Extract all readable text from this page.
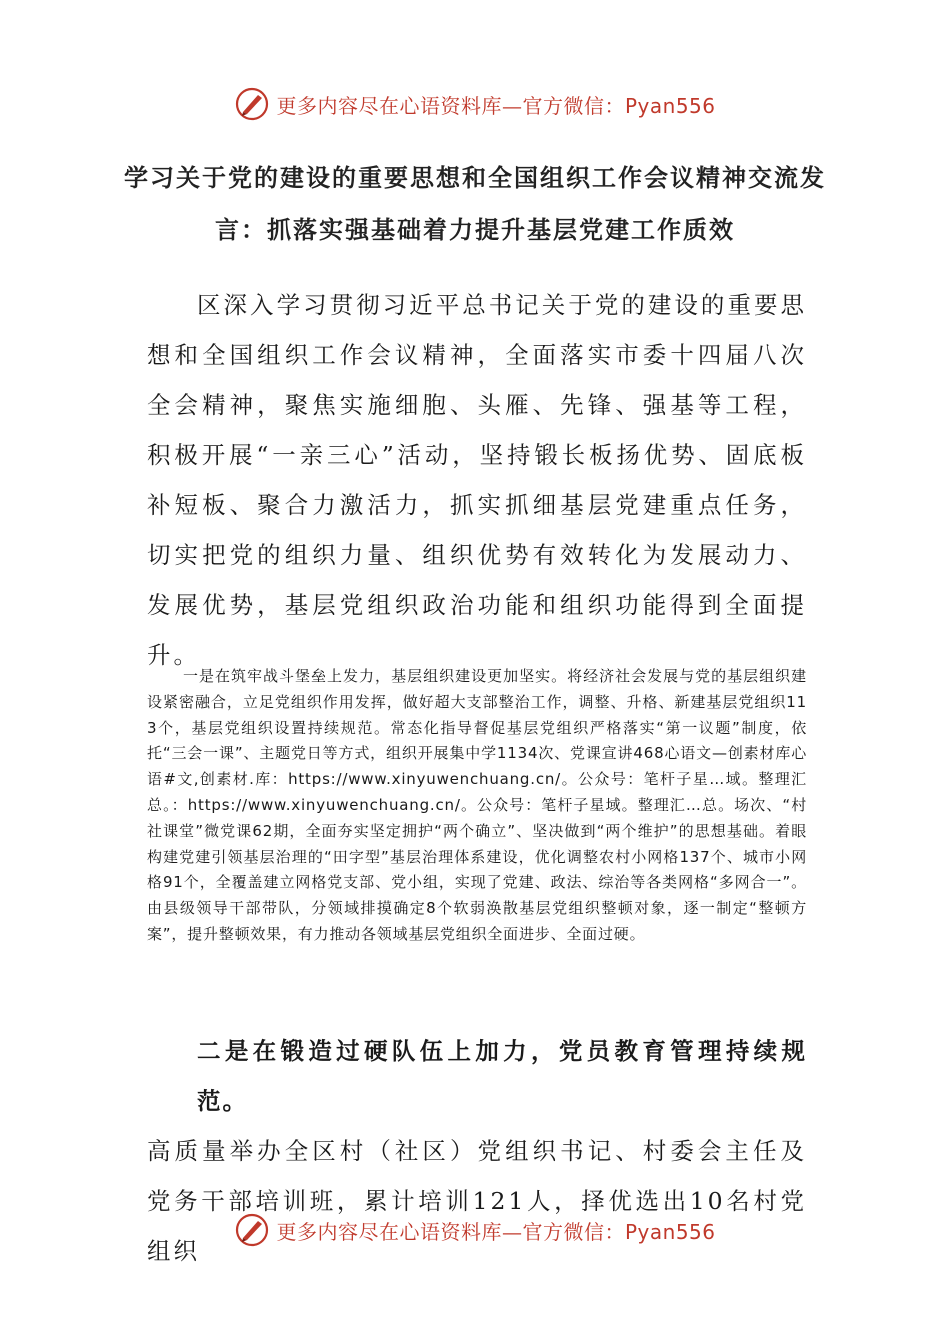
更多内容尽在心语资料库—官方微信：Pyan556
学习关于党的建设的重要思想和全国组织工作会议精神交流发言：抓落实强基础着力提升基层党建工作质效
区深入学习贯彻习近平总书记关于党的建设的重要思想和全国组织工作会议精神，全面落实市委十四届八次全会精神，聚焦实施细胞、头雁、先锋、强基等工程，积极开展“一亲三心”活动，坚持锻长板扬优势、固底板补短板、聚合力激活力，抓实抓细基层党建重点任务，切实把党的组织力量、组织优势有效转化为发展动力、发展优势，基层党组织政治功能和组织功能得到全面提升。
一是在筑牢战斗堡垒上发力，基层组织建设更加坚实。将经济社会发展与党的基层组织建设紧密融合，立足党组织作用发挥，做好超大支部整治工作，调整、升格、新建基层党组织113个，基层党组织设置持续规范。常态化指导督促基层党组织严格落实“第一议题”制度，依托“三会一课”、主题党日等方式，组织开展集中学1134次、党课宣讲468心语文—创素材库心语#文,创素材.库：https://www.xinyuwenchuang.cn/。公众号：笔杆子星…域。整理汇总。：https://www.xinyuwenchuang.cn/。公众号：笔杆子星域。整理汇…总。场次、“村社课堂”微党课62期，全面夯实坚定拥护“两个确立”、坚决做到“两个维护”的思想基础。着眼构建党建引领基层治理的“田字型”基层治理体系建设，优化调整农村小网格137个、城市小网格91个，全覆盖建立网格党支部、党小组，实现了党建、政法、综治等各类网格“多网合一”。由县级领导干部带队，分领域排摸确定8个软弱涣散基层党组织整顿对象，逐一制定“整顿方案”，提升整顿效果，有力推动各领域基层党组织全面进步、全面过硬。
二是在锻造过硬队伍上加力，党员教育管理持续规范。高质量举办全区村（社区）党组织书记、村委会主任及党务干部培训班，累计培训121人，择优选出10名村党组织
更多内容尽在心语资料库—官方微信：Pyan556
